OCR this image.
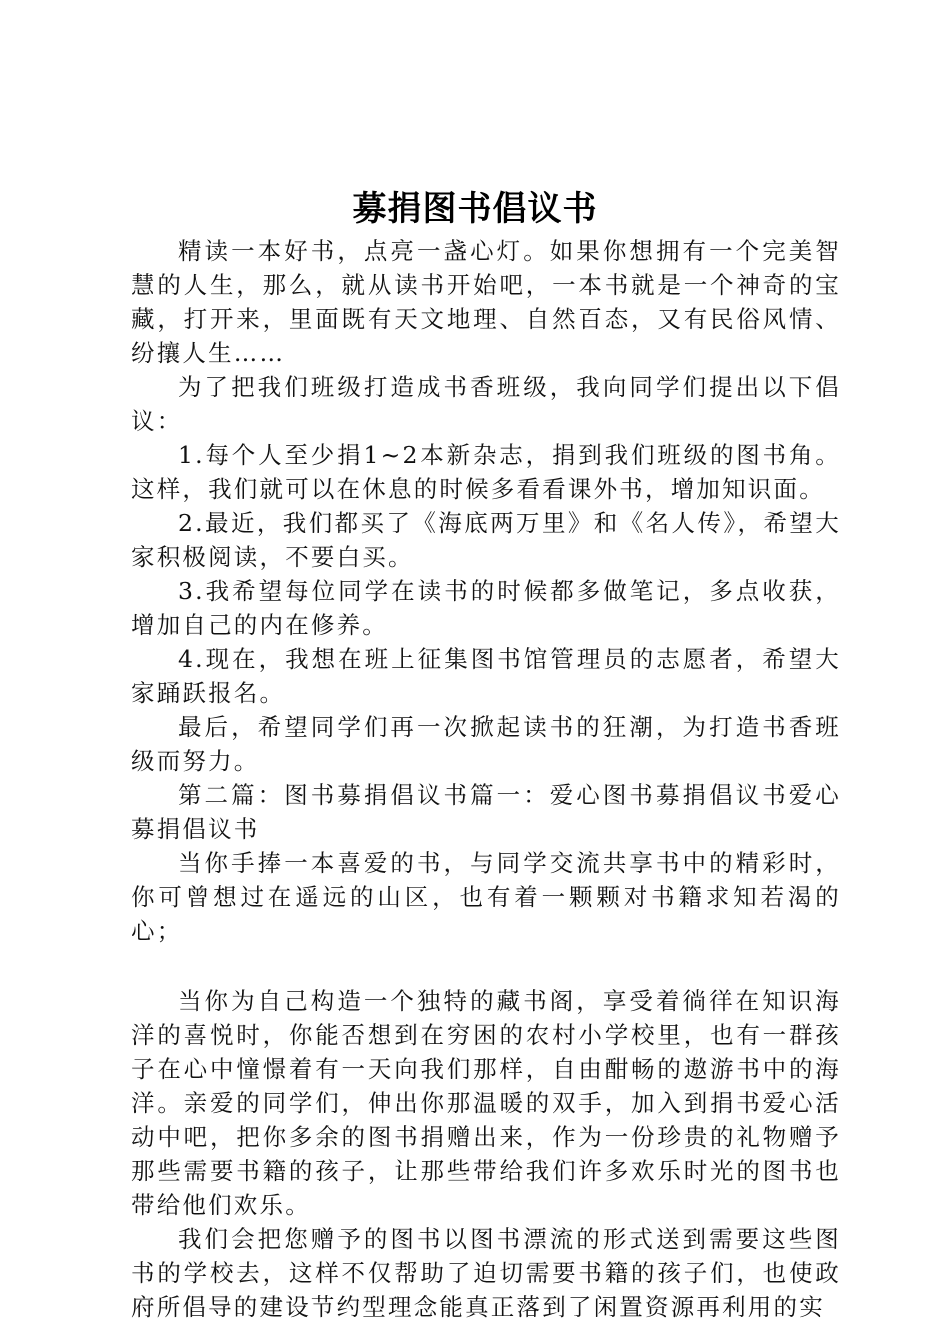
募捐图书倡议书

精读一本好书，点亮一盏心灯。如果你想拥有一个完美智慧的人生，那么，就从读书开始吧，一本书就是一个神奇的宝藏，打开来，里面既有天文地理、自然百态，又有民俗风情、纷攘人生……

为了把我们班级打造成书香班级，我向同学们提出以下倡议：

1.每个人至少捐1~2本新杂志，捐到我们班级的图书角。这样，我们就可以在休息的时候多看看课外书，增加知识面。

2.最近，我们都买了《海底两万里》和《名人传》，希望大家积极阅读，不要白买。

3.我希望每位同学在读书的时候都多做笔记，多点收获，增加自己的内在修养。

4.现在，我想在班上征集图书馆管理员的志愿者，希望大家踊跃报名。

最后，希望同学们再一次掀起读书的狂潮，为打造书香班级而努力。

第二篇：图书募捐倡议书篇一：爱心图书募捐倡议书爱心募捐倡议书

当你手捧一本喜爱的书，与同学交流共享书中的精彩时，你可曾想过在遥远的山区，也有着一颗颗对书籍求知若渴的心；

当你为自己构造一个独特的藏书阁，享受着徜徉在知识海洋的喜悦时，你能否想到在穷困的农村小学校里，也有一群孩子在心中憧憬着有一天向我们那样，自由酣畅的遨游书中的海洋。亲爱的同学们，伸出你那温暖的双手，加入到捐书爱心活动中吧，把你多余的图书捐赠出来，作为一份珍贵的礼物赠予那些需要书籍的孩子，让那些带给我们许多欢乐时光的图书也带给他们欢乐。

我们会把您赠予的图书以图书漂流的形式送到需要这些图书的学校去，这样不仅帮助了迫切需要书籍的孩子们，也使政府所倡导的建设节约型理念能真正落到了闲置资源再利用的实
